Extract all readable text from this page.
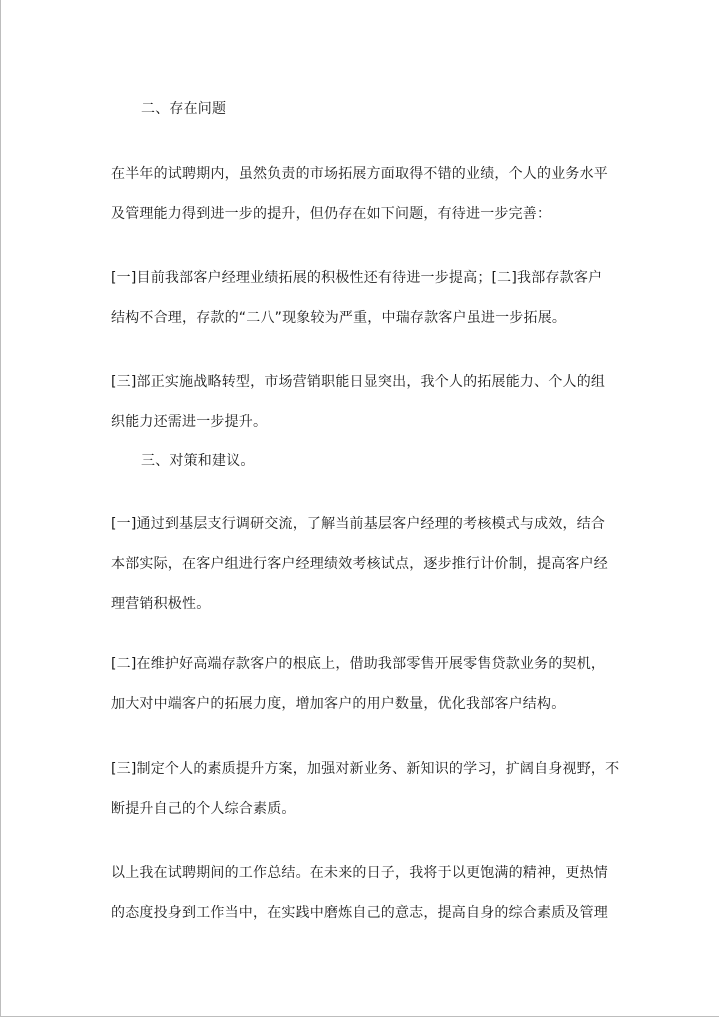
二、存在问题

在半年的试聘期内，虽然负责的市场拓展方面取得不错的业绩，个人的业务水平
及管理能力得到进一步的提升，但仍存在如下问题，有待进一步完善：
[一]目前我部客户经理业绩拓展的积极性还有待进一步提高；[二]我部存款客户
结构不合理，存款的“二八”现象较为严重，中瑞存款客户虽进一步拓展。
[三]部正实施战略转型，市场营销职能日显突出，我个人的拓展能力、个人的组
织能力还需进一步提升。

三、对策和建议。

[一]通过到基层支行调研交流，了解当前基层客户经理的考核模式与成效，结合
本部实际，在客户组进行客户经理绩效考核试点，逐步推行计价制，提高客户经
理营销积极性。
[二]在维护好高端存款客户的根底上，借助我部零售开展零售贷款业务的契机，
加大对中端客户的拓展力度，增加客户的用户数量，优化我部客户结构。
[三]制定个人的素质提升方案，加强对新业务、新知识的学习，扩阔自身视野，不
断提升自己的个人综合素质。
以上我在试聘期间的工作总结。在未来的日子，我将于以更饱满的精神，更热情
的态度投身到工作当中，在实践中磨炼自己的意志，提高自身的综合素质及管理
